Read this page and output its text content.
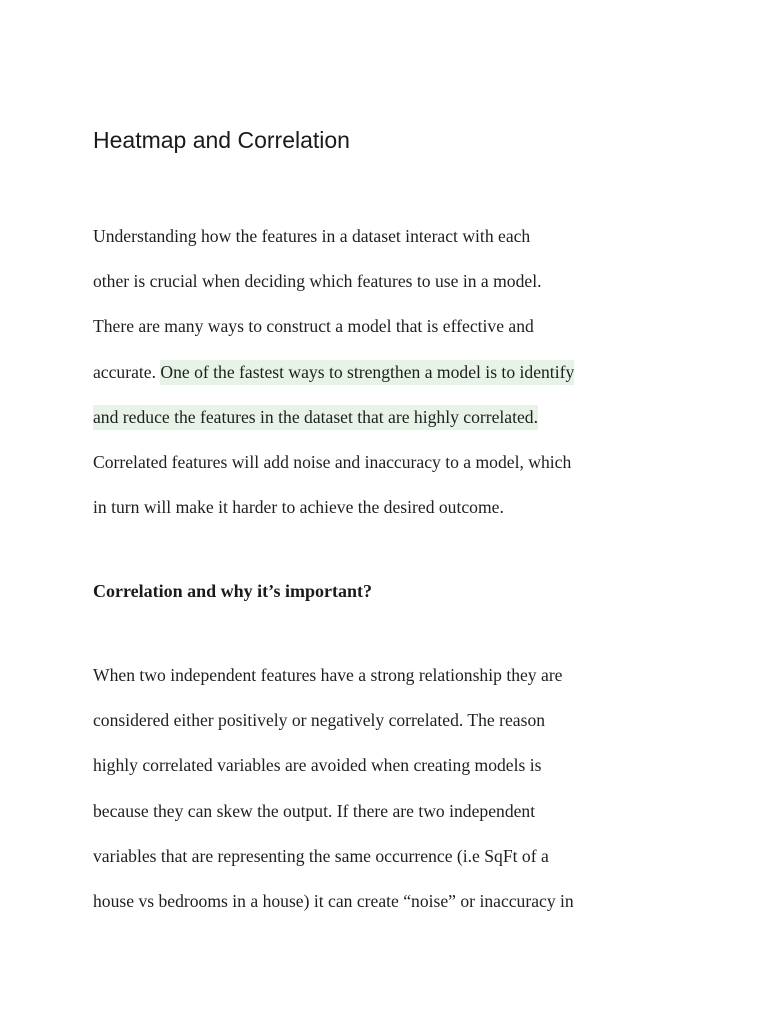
Heatmap and Correlation
Understanding how the features in a dataset interact with each
other is crucial when deciding which features to use in a model.
There are many ways to construct a model that is effective and
accurate. One of the fastest ways to strengthen a model is to identify
and reduce the features in the dataset that are highly correlated.
Correlated features will add noise and inaccuracy to a model, which
in turn will make it harder to achieve the desired outcome.
Correlation and why it’s important?
When two independent features have a strong relationship they are
considered either positively or negatively correlated. The reason
highly correlated variables are avoided when creating models is
because they can skew the output. If there are two independent
variables that are representing the same occurrence (i.e SqFt of a
house vs bedrooms in a house) it can create “noise” or inaccuracy in
